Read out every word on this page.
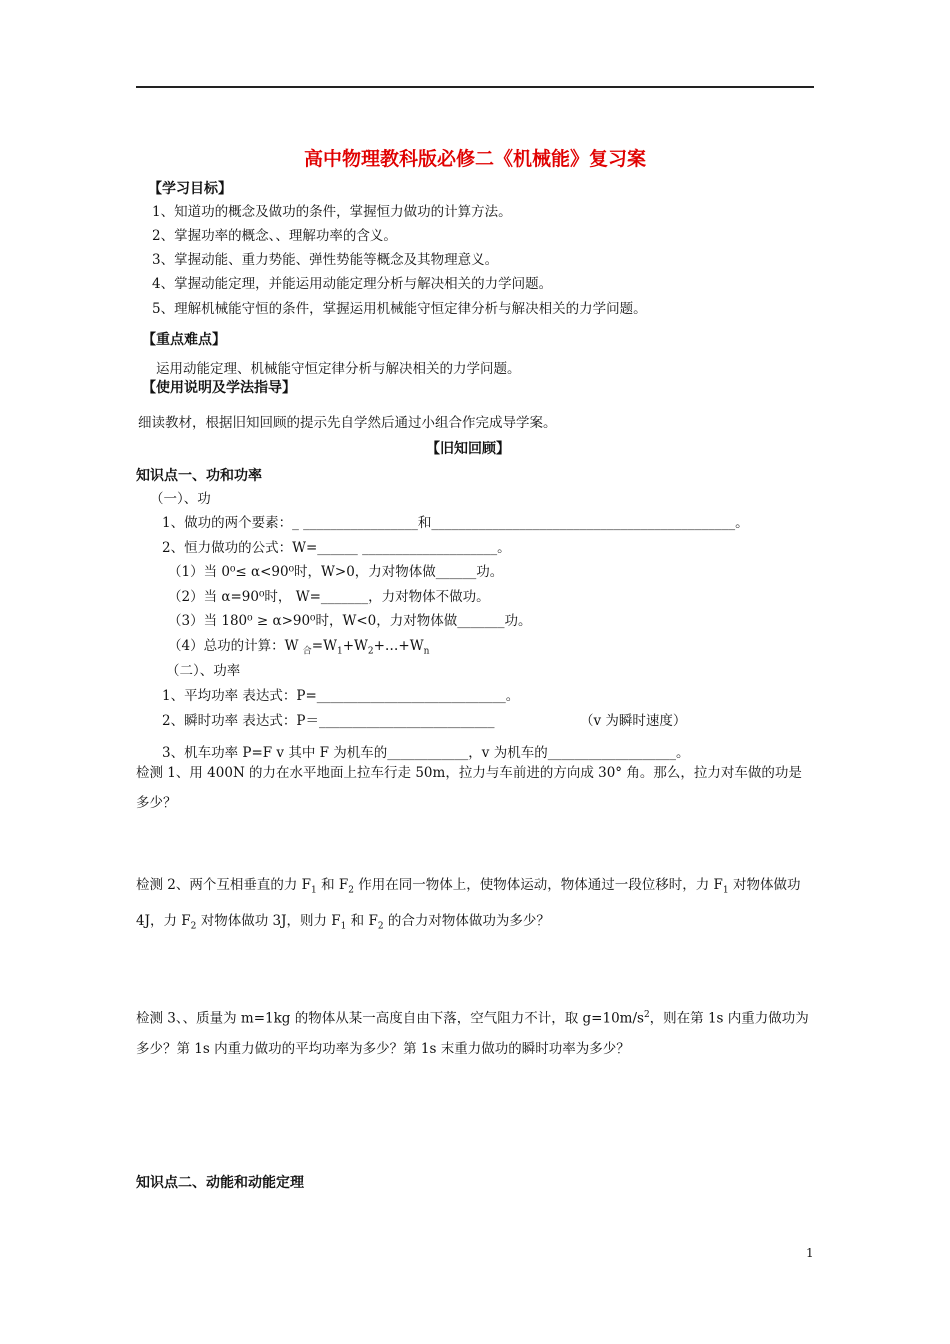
高中物理教科版必修二《机械能》复习案
【学习目标】
1、知道功的概念及做功的条件，掌握恒力做功的计算方法。
2、掌握功率的概念、、理解功率的含义。
3、掌握动能、重力势能、弹性势能等概念及其物理意义。
4、掌握动能定理，并能运用动能定理分析与解决相关的力学问题。
5、理解机械能守恒的条件，掌握运用机械能守恒定律分析与解决相关的力学问题。
【重点难点】
运用动能定理、机械能守恒定律分析与解决相关的力学问题。
【使用说明及学法指导】
细读教材，根据旧知回顾的提示先自学然后通过小组合作完成导学案。
【旧知回顾】
知识点一、功和功率
（一）、功
1、做功的两个要素：_ _________________和_____________________________________________。
2、恒力做功的公式：W=______ ____________________。
（1）当 0⁰≤ α<90⁰时，W>0，力对物体做______功。
（2）当 α=90⁰时， W=_______，力对物体不做功。
（3）当 180⁰ ≥ α>90⁰时，W<0，力对物体做_______功。
（4）总功的计算：W $_合=W_1+W_2+\dots+W_n$
（二）、功率
1、平均功率 表达式：P=____________________________。
2、瞬时功率 表达式：P＝__________________________	（v 为瞬时速度）
3、机车功率 P=F v 其中 F 为机车的____________，v 为机车的___________________。
检测 1、用 400N 的力在水平地面上拉车行走 50m，拉力与车前进的方向成 30° 角。那么，拉力对车做的功是多少？
检测 2、两个互相垂直的力 $F_1$ 和 $F_2$ 作用在同一物体上，使物体运动，物体通过一段位移时，力 $F_1$ 对物体做功 4J，力 $F_2$ 对物体做功 3J，则力 $F_1$ 和 $F_2$ 的合力对物体做功为多少？
检测 3、、质量为 m=1kg 的物体从某一高度自由下落，空气阻力不计，取 $g=10m/s^2$，则在第 1s 内重力做功为多少？第 1s 内重力做功的平均功率为多少？第 1s 末重力做功的瞬时功率为多少？
知识点二、动能和动能定理
1
